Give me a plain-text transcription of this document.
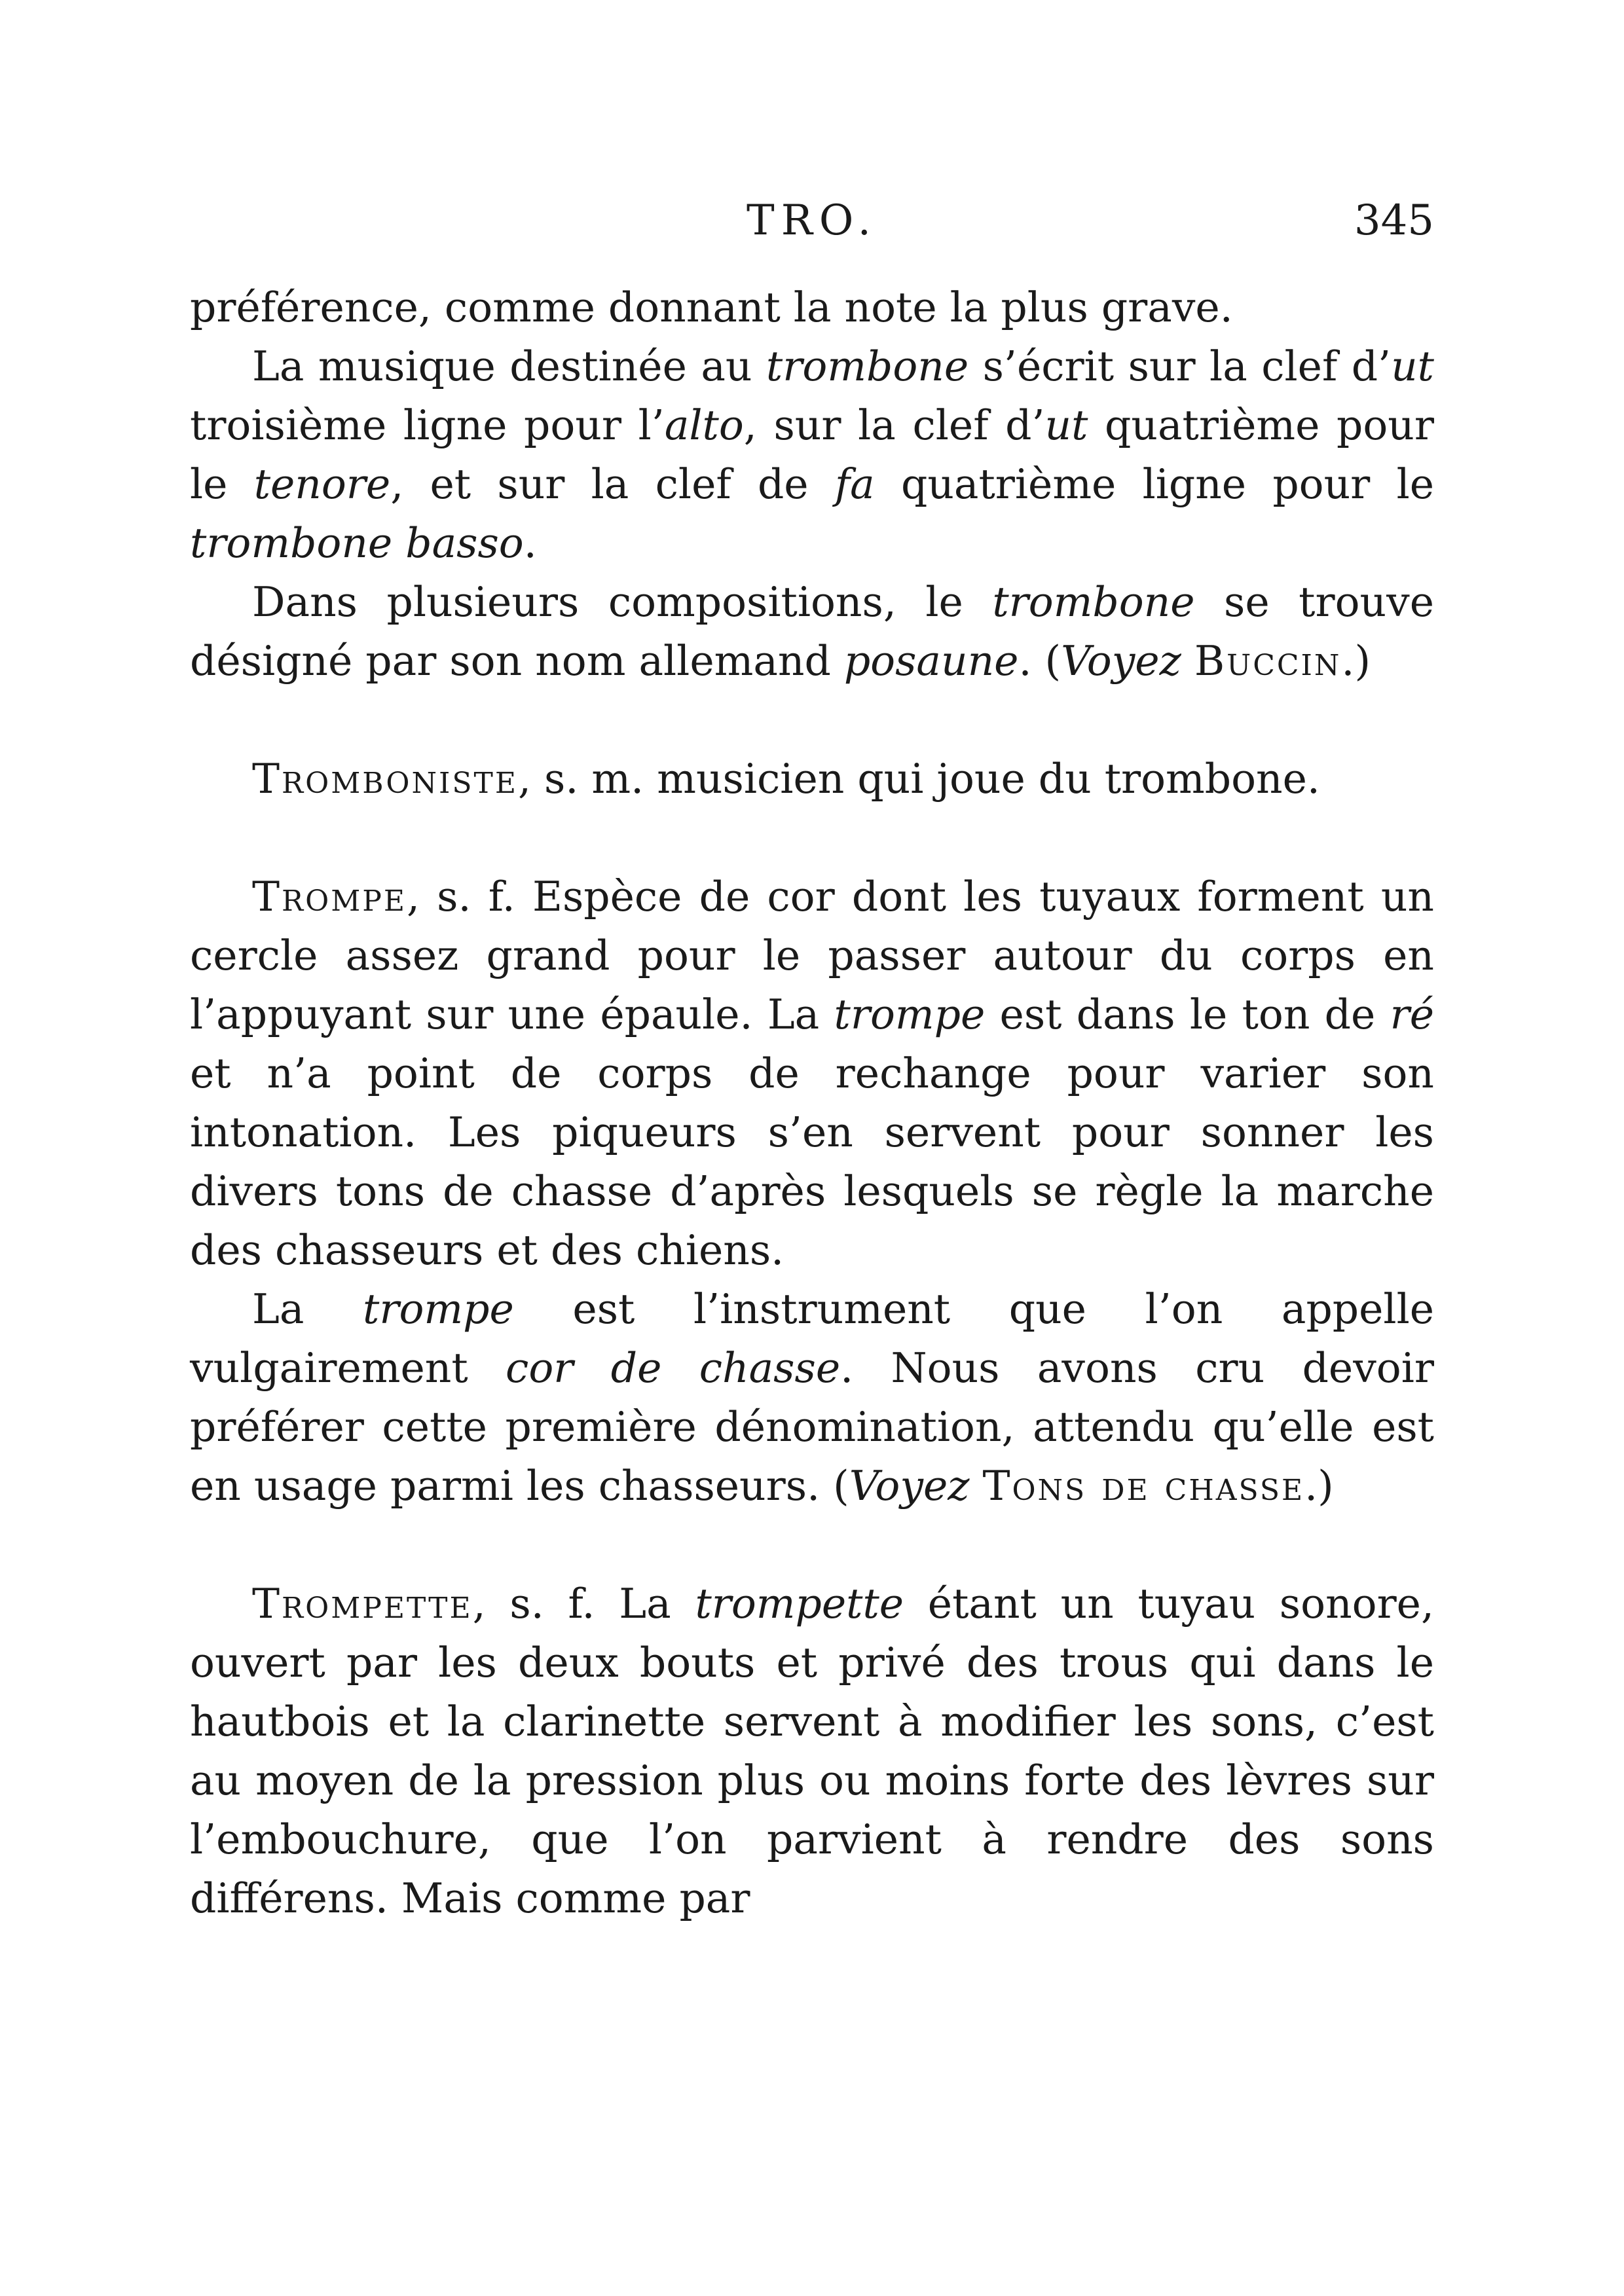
TRO.	345

préférence, comme donnant la note la plus grave.

La musique destinée au trombone s’écrit sur la clef d’ut troisième ligne pour l’alto, sur la clef d’ut quatrième pour le tenore, et sur la clef de fa quatrième ligne pour le trombone basso.

Dans plusieurs compositions, le trombone se trouve désigné par son nom allemand posaune. (Voyez Buccin.)

Tromboniste, s. m. musicien qui joue du trombone.

Trompe, s. f. Espèce de cor dont les tuyaux forment un cercle assez grand pour le passer autour du corps en l’appuyant sur une épaule. La trompe est dans le ton de ré et n’a point de corps de rechange pour varier son intonation. Les piqueurs s’en servent pour sonner les divers tons de chasse d’après lesquels se règle la marche des chasseurs et des chiens.

La trompe est l’instrument que l’on appelle vulgairement cor de chasse. Nous avons cru devoir préférer cette première dénomination, attendu qu’elle est en usage parmi les chasseurs. (Voyez Tons de chasse.)

Trompette, s. f. La trompette étant un tuyau sonore, ouvert par les deux bouts et privé des trous qui dans le hautbois et la clarinette servent à modifier les sons, c’est au moyen de la pression plus ou moins forte des lèvres sur l’embouchure, que l’on parvient à rendre des sons différens. Mais comme par
